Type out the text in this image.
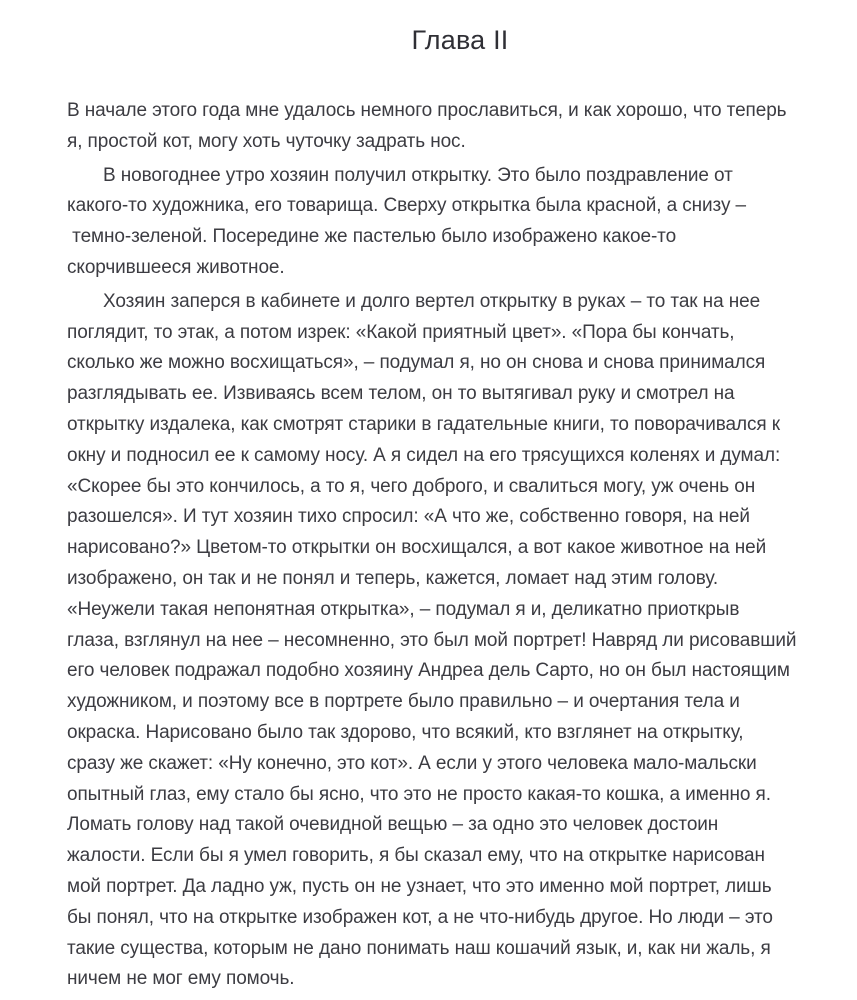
Глава II

В начале этого года мне удалось немного прославиться, и как хорошо, что теперь
я, простой кот, могу хоть чуточку задрать нос.

В новогоднее утро хозяин получил открытку. Это было поздравление от
какого-то художника, его товарища. Сверху открытка была красной, а снизу –
темно-зеленой. Посередине же пастелью было изображено какое-то
скорчившееся животное.

Хозяин заперся в кабинете и долго вертел открытку в руках – то так на нее
поглядит, то этак, а потом изрек: «Какой приятный цвет». «Пора бы кончать,
сколько же можно восхищаться», – подумал я, но он снова и снова принимался
разглядывать ее. Извиваясь всем телом, он то вытягивал руку и смотрел на
открытку издалека, как смотрят старики в гадательные книги, то поворачивался к
окну и подносил ее к самому носу. А я сидел на его трясущихся коленях и думал:
«Скорее бы это кончилось, а то я, чего доброго, и свалиться могу, уж очень он
разошелся». И тут хозяин тихо спросил: «А что же, собственно говоря, на ней
нарисовано?» Цветом-то открытки он восхищался, а вот какое животное на ней
изображено, он так и не понял и теперь, кажется, ломает над этим голову.
«Неужели такая непонятная открытка», – подумал я и, деликатно приоткрыв
глаза, взглянул на нее – несомненно, это был мой портрет! Навряд ли рисовавший
его человек подражал подобно хозяину Андреа дель Сарто, но он был настоящим
художником, и поэтому все в портрете было правильно – и очертания тела и
окраска. Нарисовано было так здорово, что всякий, кто взглянет на открытку,
сразу же скажет: «Ну конечно, это кот». А если у этого человека мало-мальски
опытный глаз, ему стало бы ясно, что это не просто какая-то кошка, а именно я.
Ломать голову над такой очевидной вещью – за одно это человек достоин
жалости. Если бы я умел говорить, я бы сказал ему, что на открытке нарисован
мой портрет. Да ладно уж, пусть он не узнает, что это именно мой портрет, лишь
бы понял, что на открытке изображен кот, а не что-нибудь другое. Но люди – это
такие существа, которым не дано понимать наш кошачий язык, и, как ни жаль, я
ничем не мог ему помочь.
